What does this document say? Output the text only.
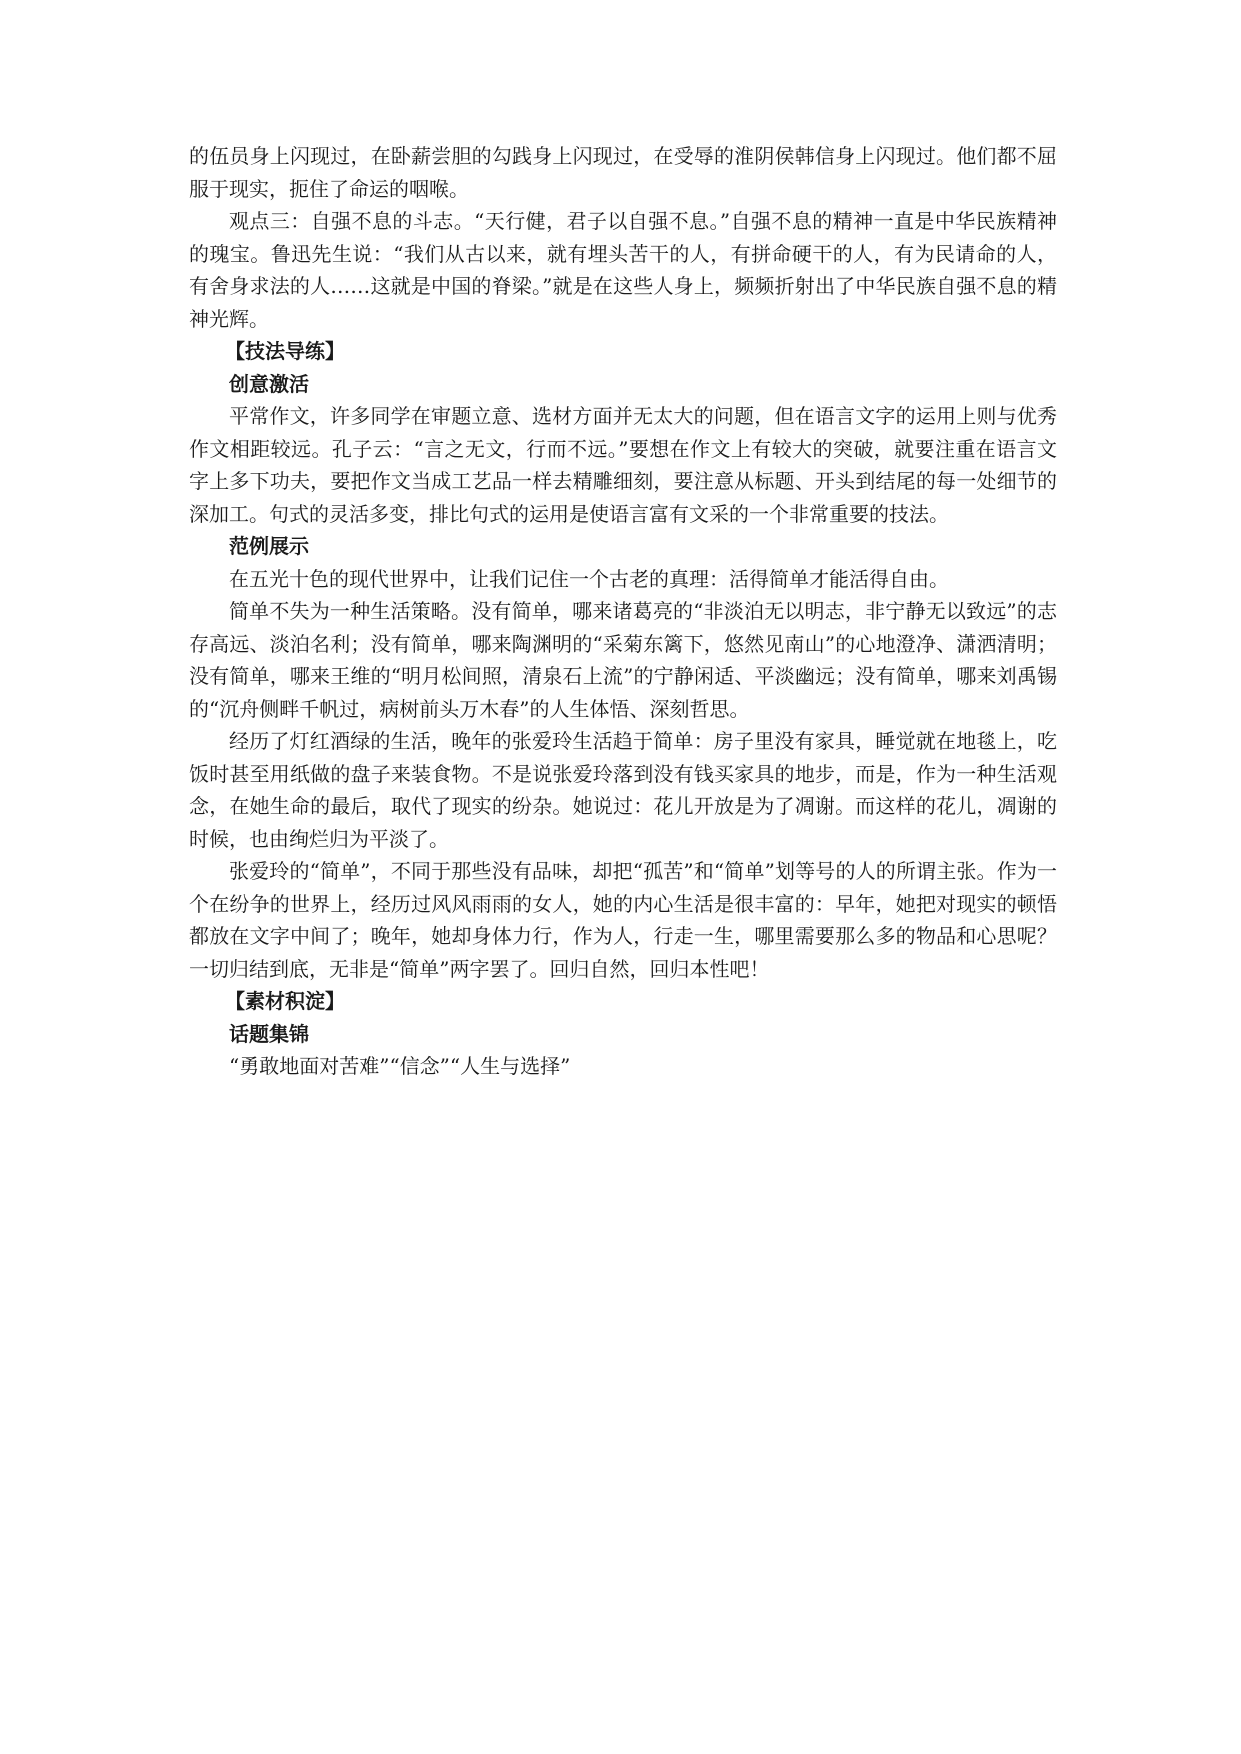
的伍员身上闪现过，在卧薪尝胆的勾践身上闪现过，在受辱的淮阴侯韩信身上闪现过。他们都不屈服于现实，扼住了命运的咽喉。

观点三：自强不息的斗志。“天行健，君子以自强不息。”自强不息的精神一直是中华民族精神的瑰宝。鲁迅先生说：“我们从古以来，就有埋头苦干的人，有拼命硬干的人，有为民请命的人，有舍身求法的人……这就是中国的脊梁。”就是在这些人身上，频频折射出了中华民族自强不息的精神光辉。

【技法导练】

创意激活

平常作文，许多同学在审题立意、选材方面并无太大的问题，但在语言文字的运用上则与优秀作文相距较远。孔子云：“言之无文，行而不远。”要想在作文上有较大的突破，就要注重在语言文字上多下功夫，要把作文当成工艺品一样去精雕细刻，要注意从标题、开头到结尾的每一处细节的深加工。句式的灵活多变，排比句式的运用是使语言富有文采的一个非常重要的技法。

范例展示

在五光十色的现代世界中，让我们记住一个古老的真理：活得简单才能活得自由。

简单不失为一种生活策略。没有简单，哪来诸葛亮的“非淡泊无以明志，非宁静无以致远”的志存高远、淡泊名利；没有简单，哪来陶渊明的“采菊东篱下，悠然见南山”的心地澄净、潇洒清明；没有简单，哪来王维的“明月松间照，清泉石上流”的宁静闲适、平淡幽远；没有简单，哪来刘禹锡的“沉舟侧畔千帆过，病树前头万木春”的人生体悟、深刻哲思。

经历了灯红酒绿的生活，晚年的张爱玲生活趋于简单：房子里没有家具，睡觉就在地毯上，吃饭时甚至用纸做的盘子来装食物。不是说张爱玲落到没有钱买家具的地步，而是，作为一种生活观念，在她生命的最后，取代了现实的纷杂。她说过：花儿开放是为了凋谢。而这样的花儿，凋谢的时候，也由绚烂归为平淡了。

张爱玲的“简单”，不同于那些没有品味，却把“孤苦”和“简单”划等号的人的所谓主张。作为一个在纷争的世界上，经历过风风雨雨的女人，她的内心生活是很丰富的：早年，她把对现实的顿悟都放在文字中间了；晚年，她却身体力行，作为人，行走一生，哪里需要那么多的物品和心思呢？一切归结到底，无非是“简单”两字罢了。回归自然，回归本性吧！

【素材积淀】

话题集锦

“勇敢地面对苦难”“信念”“人生与选择”
